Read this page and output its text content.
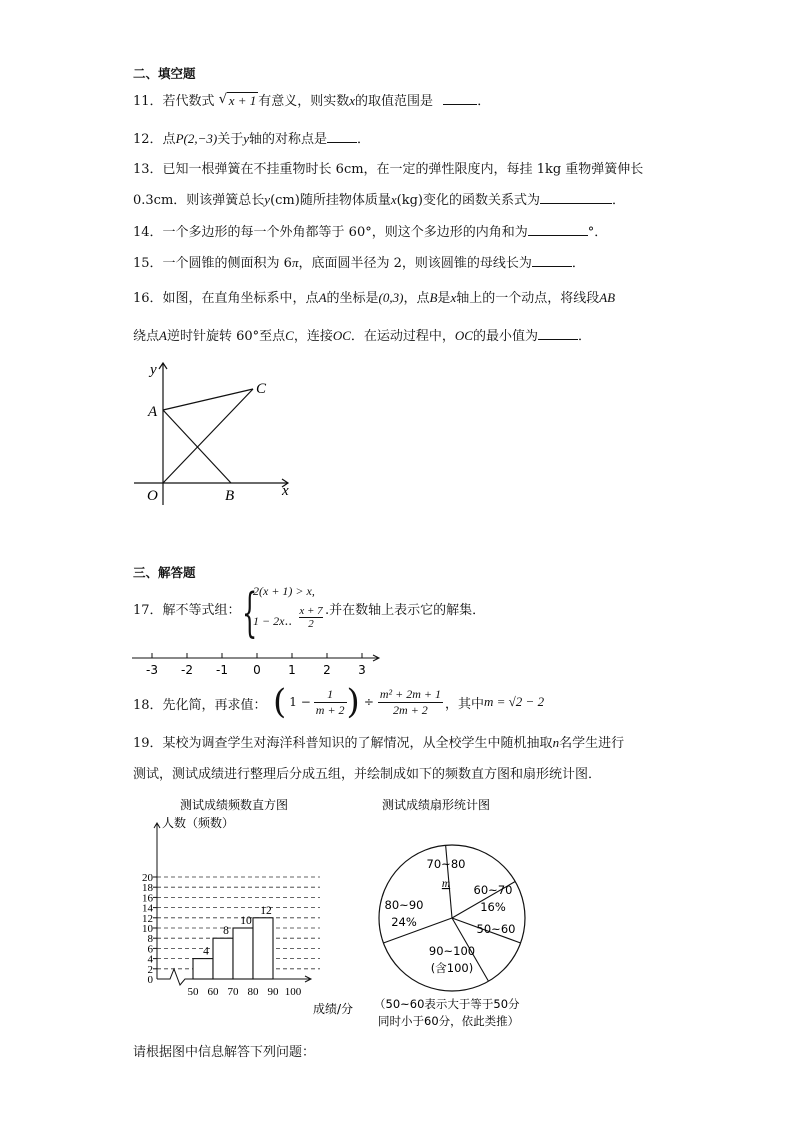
二、填空题
11．若代数式 √ x + 1 有意义，则实数x的取值范围是	．
12．点P(2,−3)关于y轴的对称点是 ．
13．已知一根弹簧在不挂重物时长 6cm，在一定的弹性限度内，每挂 1kg 重物弹簧伸长
0.3cm．则该弹簧总长y(cm)随所挂物体质量x(kg)变化的函数关系式为	．
14．一个多边形的每一个外角都等于 60°，则这个多边形的内角和为	°．
15．一个圆锥的侧面积为 6π，底面圆半径为 2，则该圆锥的母线长为	．
16．如图，在直角坐标系中，点A的坐标是(0,3)，点B是x轴上的一个动点，将线段AB
绕点A逆时针旋转 60°至点C，连接OC．在运动过程中，OC的最小值为	．
y
x
A
B
C
O
三、解答题
17．解不等式组： {
2(x + 1) > x,
1 − 2x..
x + 7
2
.并在数轴上表示它的解集．
-3 -2 -1 0 1 2 3
18．先化简，再求值： ( $1 - \frac{1}{m + 2}$ ) ÷ $\frac{\text{m² + 2m + 1}}{2m + 2}$ ，其中 m = √2 − 2
19．某校为调查学生对海洋科普知识的了解情况，从全校学生中随机抽取n名学生进行
测试，测试成绩进行整理后分成五组，并绘制成如下的频数直方图和扇形统计图．
测试成绩频数直方图
人数（频数）
成绩/分
4
8
10
12
0
2
4
6
8
10
12
14
16
18
20
50 60 70 80 90 100
测试成绩扇形统计图
70~80
m 60~70
16%
50~60
90~100
(含100)
80~90
24%
（50~60表示大于等于50分
同时小于60分，依此类推）
请根据图中信息解答下列问题：
